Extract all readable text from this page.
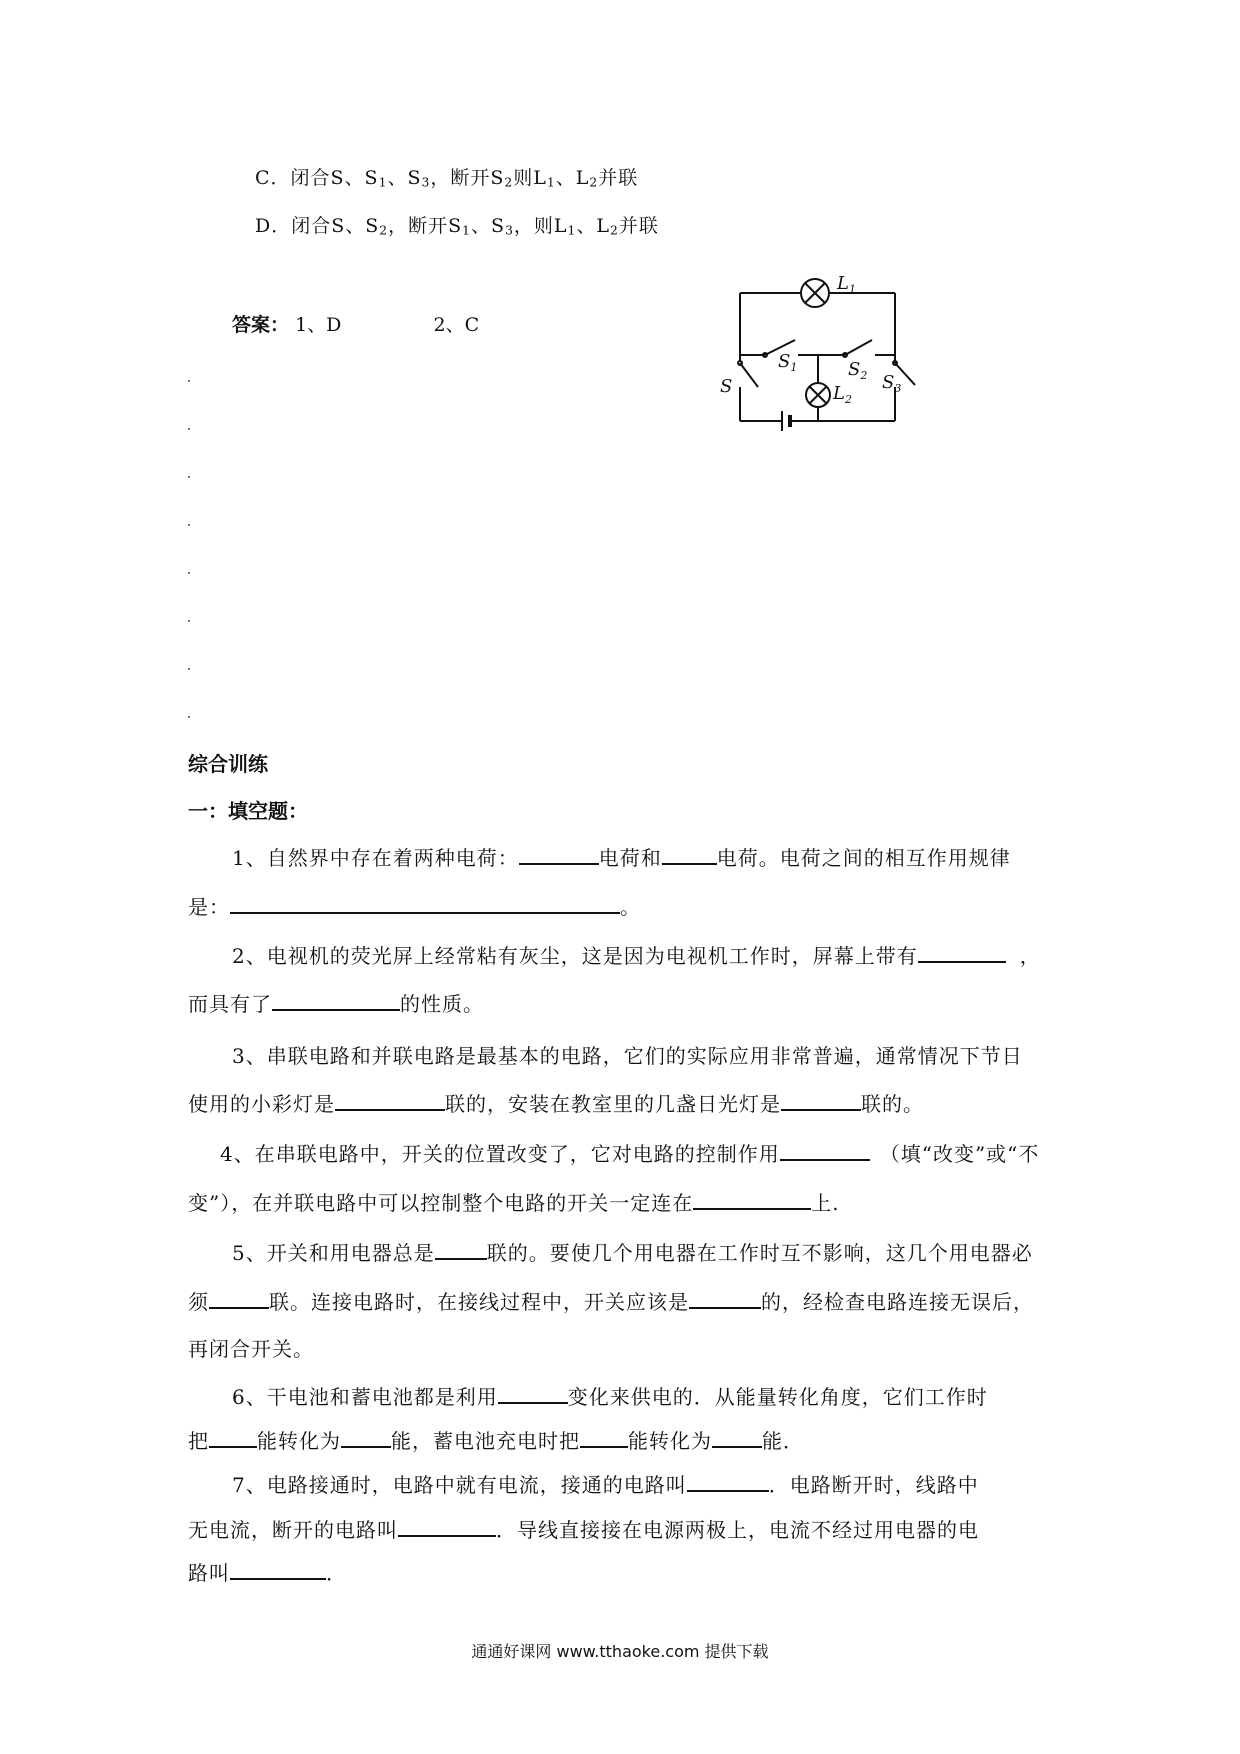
C．闭合S、$S_1$、$S_3$，断开$S_2$则$L_1$、$L_2$并联
D．闭合S、$S_2$，断开$S_1$、$S_3$，则$L_1$、$L_2$并联
答案： 1、D	2、C
$L_1$
$S_1$	$S_2$
S	$S_3$
$L_2$
综合训练
一：填空题：
1、自然界中存在着两种电荷：	电荷和	电荷。电荷之间的相互作用规律
是：	。
2、电视机的荧光屏上经常粘有灰尘，这是因为电视机工作时，屏幕上带有	，
而具有了	的性质。
3、串联电路和并联电路是最基本的电路，它们的实际应用非常普遍，通常情况下节日
使用的小彩灯是	联的，安装在教室里的几盏日光灯是	联的。
4、在串联电路中，开关的位置改变了，它对电路的控制作用	（填“改变”或“不
变”），在并联电路中可以控制整个电路的开关一定连在	上.
5、开关和用电器总是	联的。要使几个用电器在工作时互不影响，这几个用电器必
须	联。连接电路时，在接线过程中，开关应该是	的，经检查电路连接无误后，
再闭合开关。
6、干电池和蓄电池都是利用	变化来供电的．从能量转化角度，它们工作时
把 能转化为	能，蓄电池充电时把 能转化为	能．
7、电路接通时，电路中就有电流，接通的电路叫	．电路断开时，线路中
无电流，断开的电路叫	．导线直接接在电源两极上，电流不经过用电器的电
路叫	．
通通好课网 www.tthaoke.com 提供下载
